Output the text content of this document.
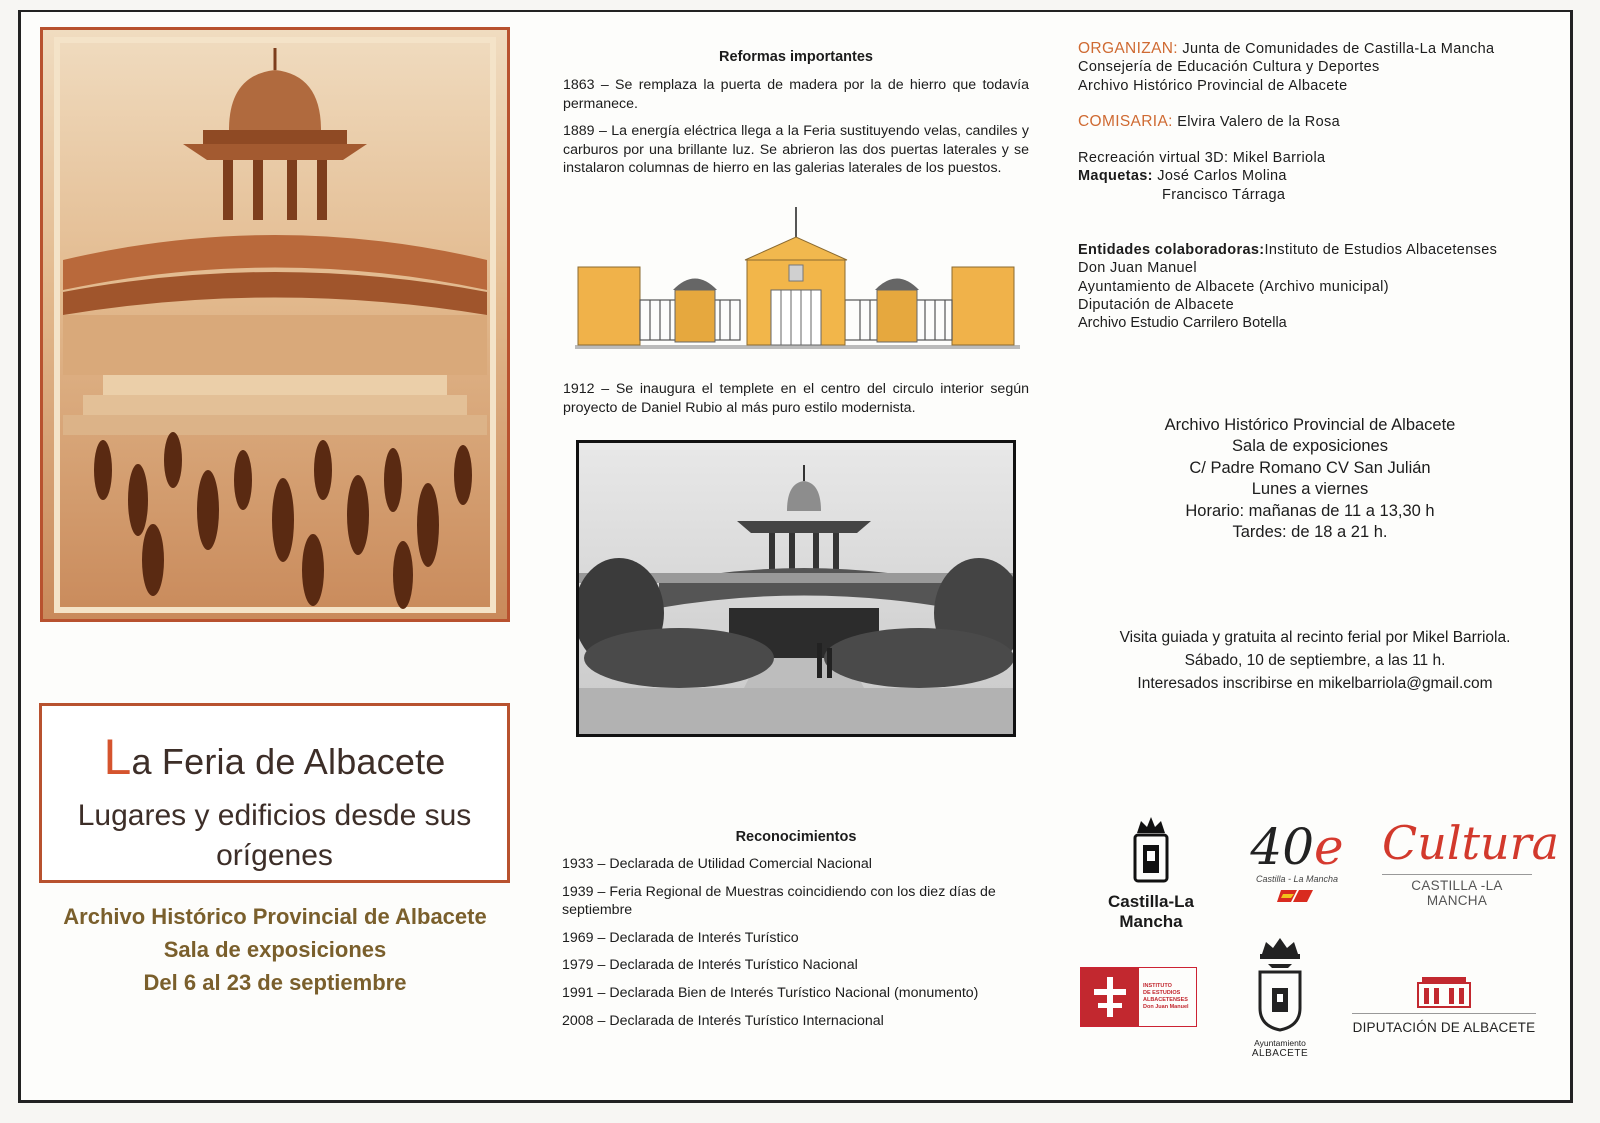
La Feria de Albacete
Lugares y edificios desde sus orígenes
Archivo Histórico Provincial de Albacete
Sala de exposiciones
Del 6 al 23 de septiembre
Reformas importantes
1863 – Se remplaza la puerta de madera por la de hierro que todavía permanece.
1889 – La energía eléctrica llega a la Feria sustituyendo velas, candiles y carburos por una brillante luz. Se abrieron las dos puertas laterales y se instalaron columnas de hierro en las galerias laterales de los puestos.
1912 – Se inaugura el templete en el centro del circulo interior según proyecto de Daniel Rubio al más puro estilo modernista.
Reconocimientos
1933 – Declarada de Utilidad Comercial Nacional
1939 – Feria Regional de Muestras coincidiendo con los diez días de septiembre
1969 – Declarada de Interés Turístico
1979 – Declarada de Interés Turístico Nacional
1991 – Declarada Bien de Interés Turístico Nacional (monumento)
2008 – Declarada de Interés Turístico Internacional
ORGANIZAN: Junta de Comunidades de Castilla-La Mancha
Consejería de Educación Cultura y Deportes
Archivo Histórico Provincial de Albacete
COMISARIA: Elvira Valero de la Rosa
Recreación virtual 3D: Mikel Barriola
Maquetas: José Carlos Molina
Francisco Tárraga
Entidades colaboradoras:Instituto de Estudios Albacetenses
Don Juan Manuel
Ayuntamiento de Albacete (Archivo municipal)
Diputación de Albacete
Archivo Estudio Carrilero Botella
Archivo Histórico Provincial de Albacete
Sala de exposiciones
C/ Padre Romano CV San Julián
Lunes a viernes
Horario: mañanas de 11 a 13,30 h
Tardes: de 18 a 21 h.
Visita guiada y gratuita al recinto ferial por Mikel Barriola.
Sábado, 10 de septiembre, a las 11 h.
Interesados inscribirse en mikelbarriola@gmail.com
Castilla-La Mancha
40e
Castilla - La Mancha
Cultura
CASTILLA -LA MANCHA
INSTITUTO
DE ESTUDIOS
ALBACETENSES
Don Juan Manuel
Ayuntamiento
ALBACETE
DIPUTACIÓN DE ALBACETE
